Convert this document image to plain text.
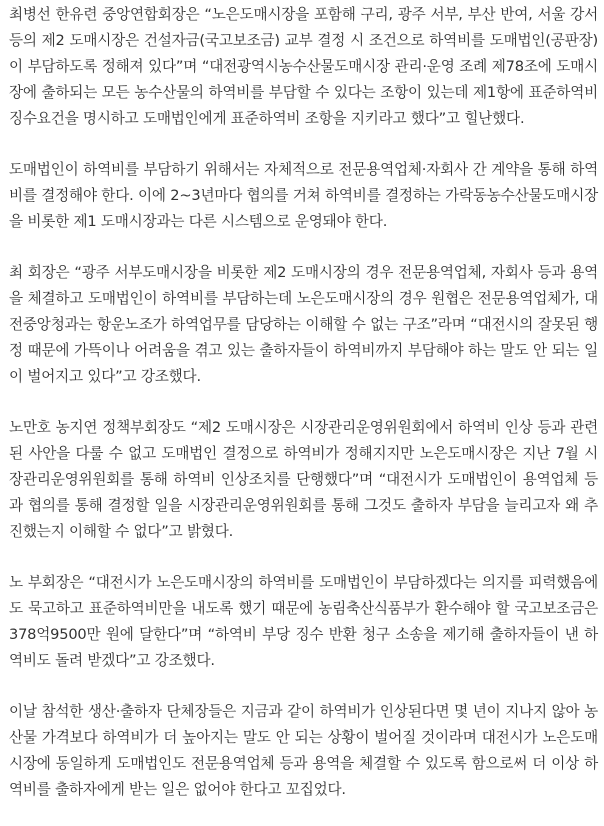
최병선 한유련 중앙연합회장은 “노은도매시장을 포함해 구리, 광주 서부, 부산 반여, 서울 강서 등의 제2 도매시장은 건설자금(국고보조금) 교부 결정 시 조건으로 하역비를 도매법인(공판장)이 부담하도록 정해져 있다”며 “대전광역시농수산물도매시장 관리·운영 조례 제78조에 도매시장에 출하되는 모든 농수산물의 하역비를 부담할 수 있다는 조항이 있는데 제1항에 표준하역비 징수요건을 명시하고 도매법인에게 표준하역비 조항을 지키라고 했다”고 힐난했다.

도매법인이 하역비를 부담하기 위해서는 자체적으로 전문용역업체·자회사 간 계약을 통해 하역비를 결정해야 한다. 이에 2~3년마다 협의를 거쳐 하역비를 결정하는 가락동농수산물도매시장을 비롯한 제1 도매시장과는 다른 시스템으로 운영돼야 한다.

최 회장은 “광주 서부도매시장을 비롯한 제2 도매시장의 경우 전문용역업체, 자회사 등과 용역을 체결하고 도매법인이 하역비를 부담하는데 노은도매시장의 경우 원협은 전문용역업체가, 대전중앙청과는 항운노조가 하역업무를 담당하는 이해할 수 없는 구조”라며 “대전시의 잘못된 행정 때문에 가뜩이나 어려움을 겪고 있는 출하자들이 하역비까지 부담해야 하는 말도 안 되는 일이 벌어지고 있다”고 강조했다.

노만호 농지연 정책부회장도 “제2 도매시장은 시장관리운영위원회에서 하역비 인상 등과 관련된 사안을 다룰 수 없고 도매법인 결정으로 하역비가 정해지지만 노은도매시장은 지난 7월 시장관리운영위원회를 통해 하역비 인상조치를 단행했다”며 “대전시가 도매법인이 용역업체 등과 협의를 통해 결정할 일을 시장관리운영위원회를 통해 그것도 출하자 부담을 늘리고자 왜 추진했는지 이해할 수 없다”고 밝혔다.

노 부회장은 “대전시가 노은도매시장의 하역비를 도매법인이 부담하겠다는 의지를 피력했음에도 묵고하고 표준하역비만을 내도록 했기 때문에 농림축산식품부가 환수해야 할 국고보조금은 378억9500만 원에 달한다”며 “하역비 부당 징수 반환 청구 소송을 제기해 출하자들이 낸 하역비도 돌려 받겠다”고 강조했다.

이날 참석한 생산·출하자 단체장들은 지금과 같이 하역비가 인상된다면 몇 년이 지나지 않아 농산물 가격보다 하역비가 더 높아지는 말도 안 되는 상황이 벌어질 것이라며 대전시가 노은도매시장에 동일하게 도매법인도 전문용역업체 등과 용역을 체결할 수 있도록 함으로써 더 이상 하역비를 출하자에게 받는 일은 없어야 한다고 꼬집었다.
